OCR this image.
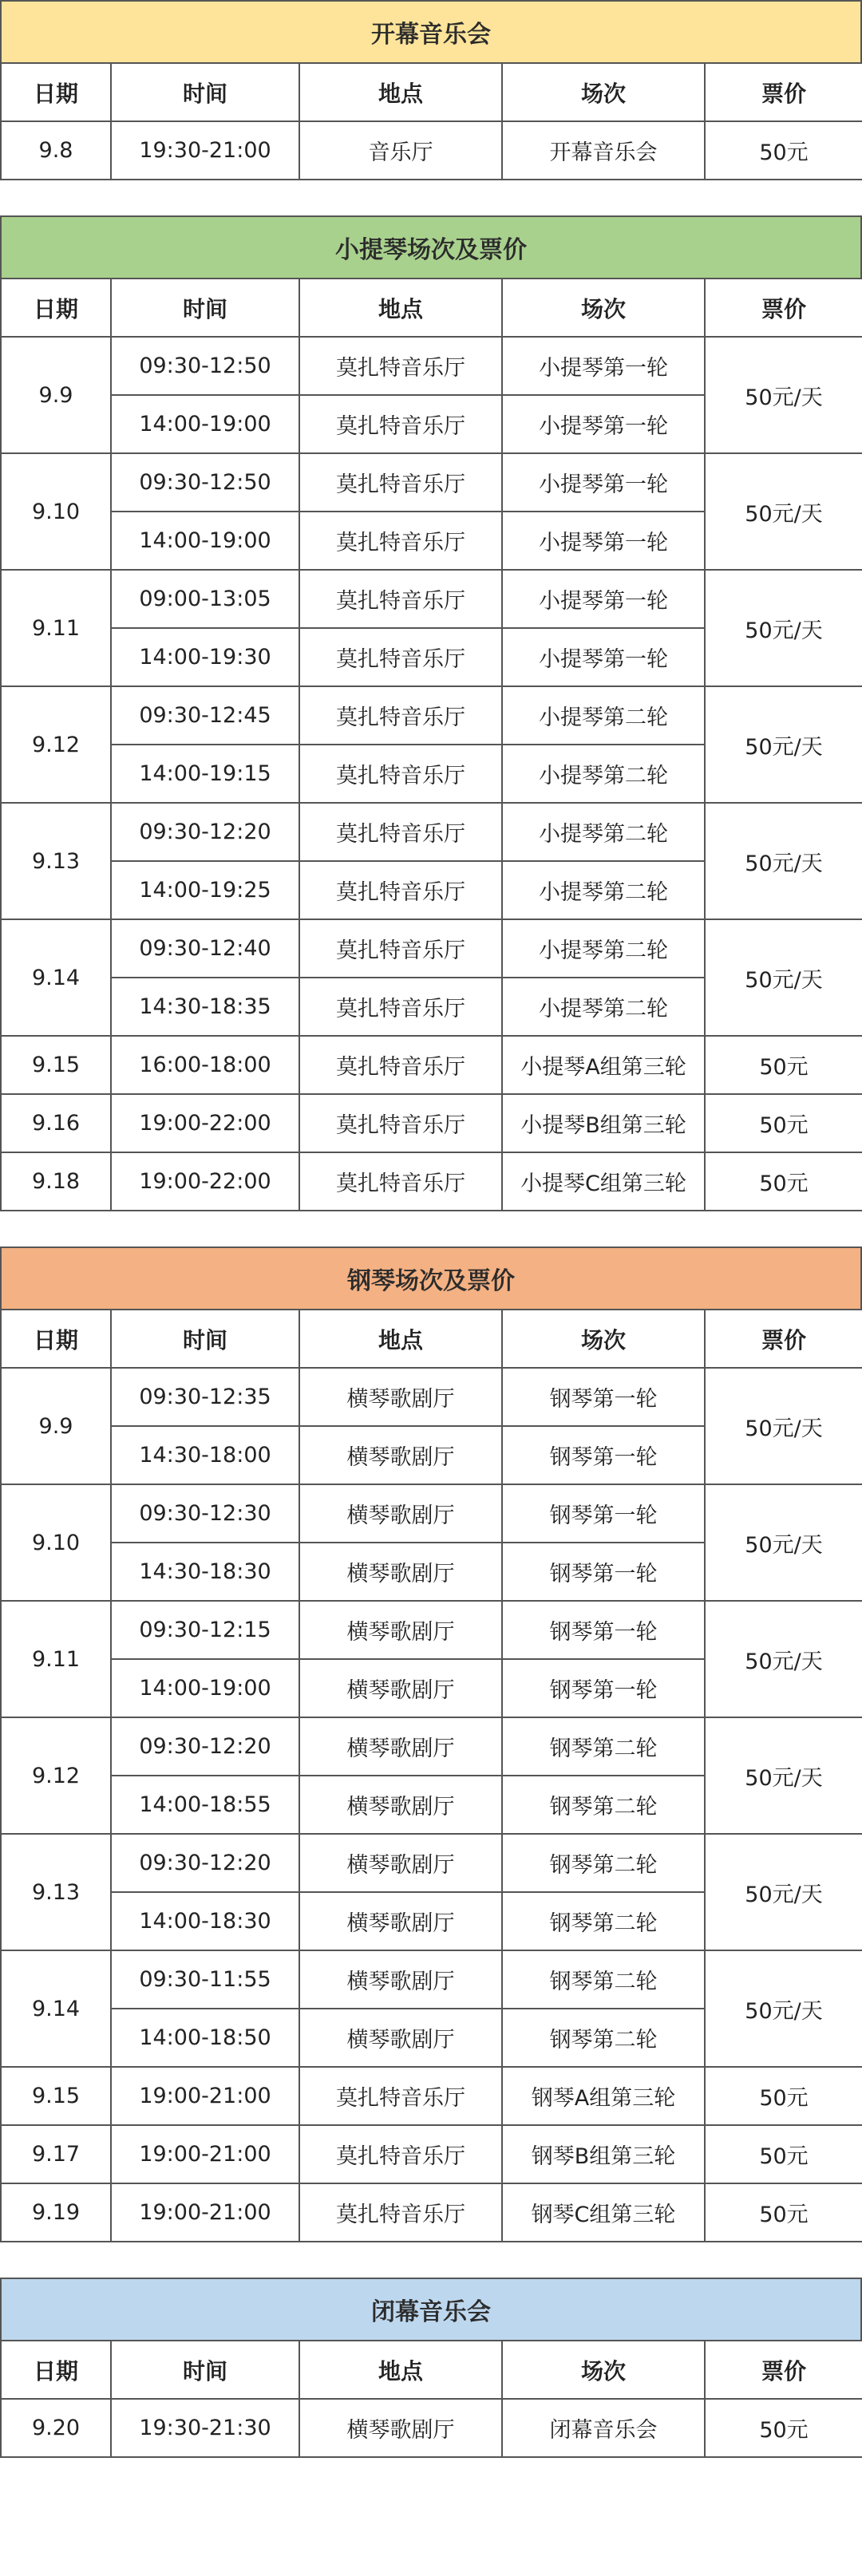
开幕音乐会
日期	时间	地点	场次	票价
9.8	19:30-21:00	音乐厅	开幕音乐会	50元
小提琴场次及票价
日期	时间	地点	场次	票价
9.9	09:30-12:50	莫扎特音乐厅	小提琴第一轮	50元/天
	14:00-19:00	莫扎特音乐厅	小提琴第一轮	
9.10	09:30-12:50	莫扎特音乐厅	小提琴第一轮	50元/天
	14:00-19:00	莫扎特音乐厅	小提琴第一轮	
9.11	09:00-13:05	莫扎特音乐厅	小提琴第一轮	50元/天
	14:00-19:30	莫扎特音乐厅	小提琴第一轮	
9.12	09:30-12:45	莫扎特音乐厅	小提琴第二轮	50元/天
	14:00-19:15	莫扎特音乐厅	小提琴第二轮	
9.13	09:30-12:20	莫扎特音乐厅	小提琴第二轮	50元/天
	14:00-19:25	莫扎特音乐厅	小提琴第二轮	
9.14	09:30-12:40	莫扎特音乐厅	小提琴第二轮	50元/天
	14:30-18:35	莫扎特音乐厅	小提琴第二轮	
9.15	16:00-18:00	莫扎特音乐厅	小提琴A组第三轮	50元
9.16	19:00-22:00	莫扎特音乐厅	小提琴B组第三轮	50元
9.18	19:00-22:00	莫扎特音乐厅	小提琴C组第三轮	50元
钢琴场次及票价
日期	时间	地点	场次	票价
9.9	09:30-12:35	横琴歌剧厅	钢琴第一轮	50元/天
	14:30-18:00	横琴歌剧厅	钢琴第一轮	
9.10	09:30-12:30	横琴歌剧厅	钢琴第一轮	50元/天
	14:30-18:30	横琴歌剧厅	钢琴第一轮	
9.11	09:30-12:15	横琴歌剧厅	钢琴第一轮	50元/天
	14:00-19:00	横琴歌剧厅	钢琴第一轮	
9.12	09:30-12:20	横琴歌剧厅	钢琴第二轮	50元/天
	14:00-18:55	横琴歌剧厅	钢琴第二轮	
9.13	09:30-12:20	横琴歌剧厅	钢琴第二轮	50元/天
	14:00-18:30	横琴歌剧厅	钢琴第二轮	
9.14	09:30-11:55	横琴歌剧厅	钢琴第二轮	50元/天
	14:00-18:50	横琴歌剧厅	钢琴第二轮	
9.15	19:00-21:00	莫扎特音乐厅	钢琴A组第三轮	50元
9.17	19:00-21:00	莫扎特音乐厅	钢琴B组第三轮	50元
9.19	19:00-21:00	莫扎特音乐厅	钢琴C组第三轮	50元
闭幕音乐会
日期	时间	地点	场次	票价
9.20	19:30-21:30	横琴歌剧厅	闭幕音乐会	50元
